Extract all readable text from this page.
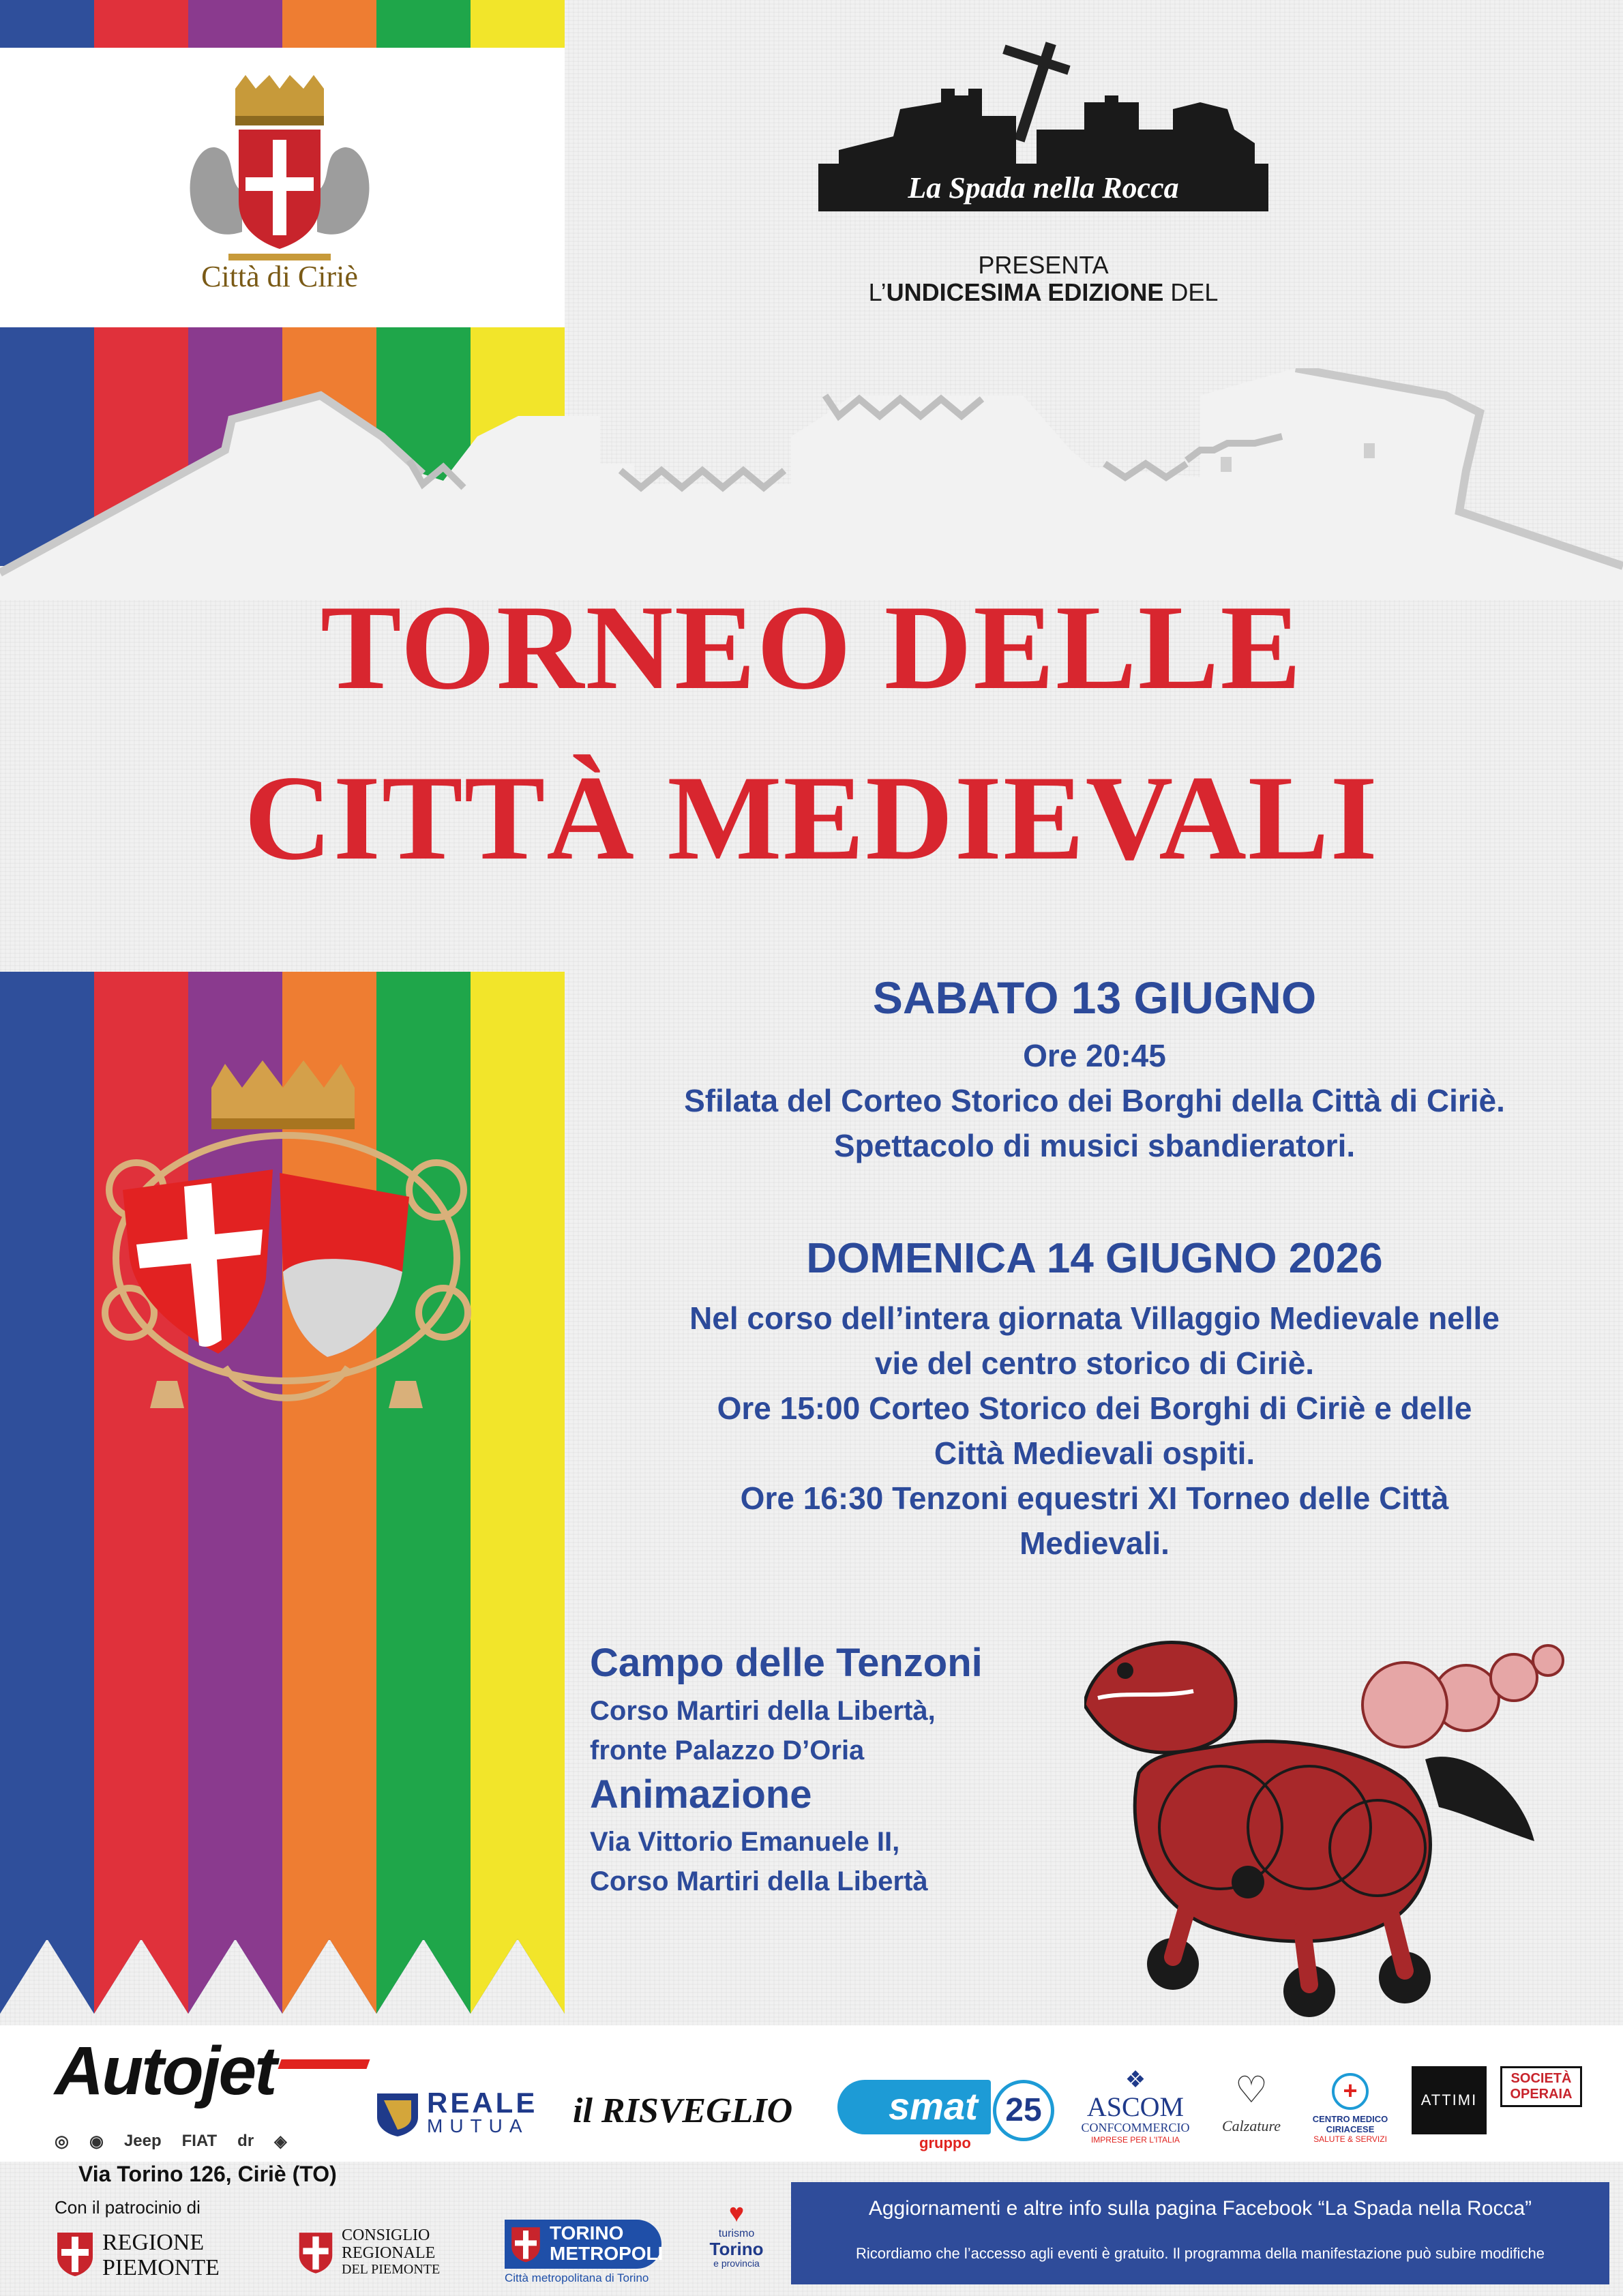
Città di Ciriè
La Spada nella Rocca
PRESENTA
L’UNDICESIMA EDIZIONE DEL
TORNEO DELLE
CITTÀ MEDIEVALI
SABATO 13 GIUGNO
Ore 20:45
Sfilata del Corteo Storico dei Borghi della Città di Ciriè.
Spettacolo di musici sbandieratori.
DOMENICA 14 GIUGNO 2026
Nel corso dell’intera giornata Villaggio Medievale nelle
vie del centro storico di Ciriè.
Ore 15:00 Corteo Storico dei Borghi di Ciriè e delle
Città Medievali ospiti.
Ore 16:30 Tenzoni equestri XI Torneo delle Città
Medievali.
Campo delle Tenzoni
Corso Martiri della Libertà,
fronte Palazzo D’Oria
Animazione
Via Vittorio Emanuele II,
Corso Martiri della Libertà
Autojet
◎ ◉ Jeep FIAT dr ◈
REALE
MUTUA il RISVEGLIO	smat
gruppo
25
❖
ASCOM
CONFCOMMERCIO
IMPRESE PER L'ITALIA
♡
Calzature
+
CENTRO MEDICO CIRIACESE
SALUTE & SERVIZI
ATTIMI
SOCIETÀ
OPERAIA
Via Torino 126, Ciriè (TO)
Con il patrocinio di
REGIONE
PIEMONTE
CONSIGLIO
REGIONALE
DEL PIEMONTE
TORINO
METROPOLI
Città metropolitana di Torino
♥
turismo
Torino
e provincia
Aggiornamenti e altre info sulla pagina Facebook “La Spada nella Rocca”
Ricordiamo che l’accesso agli eventi è gratuito. Il programma della manifestazione può subire modifiche
